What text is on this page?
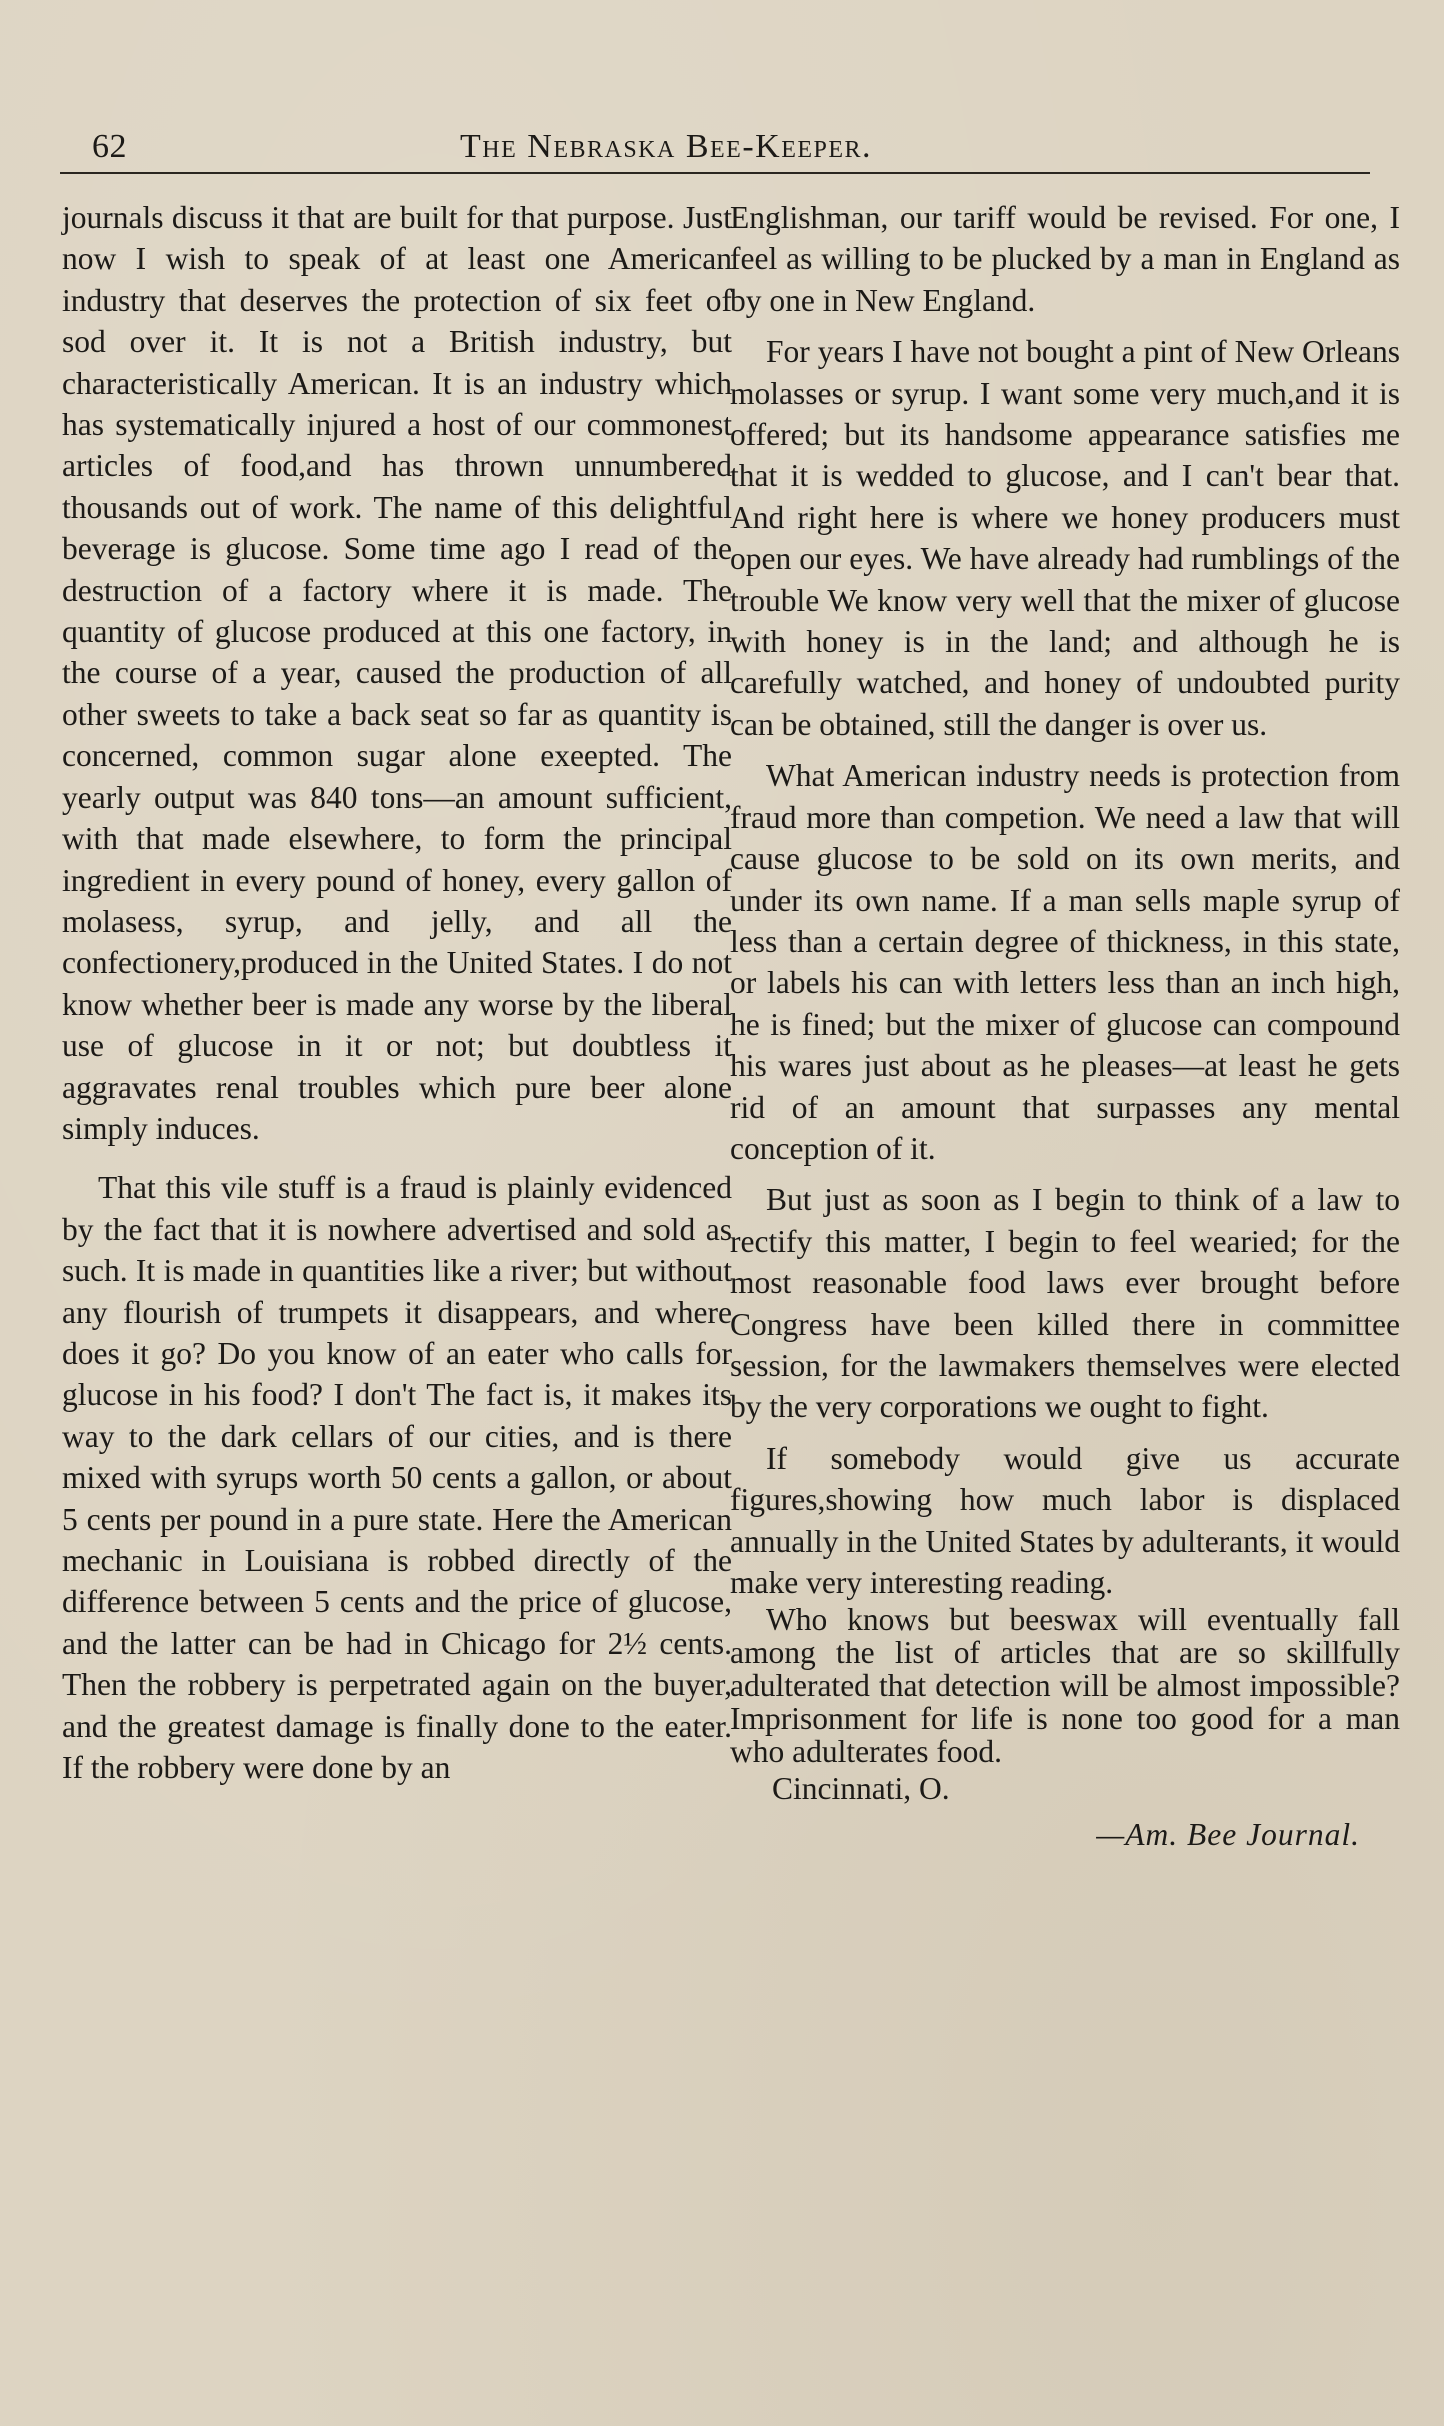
62	The Nebraska Bee-Keeper.

journals discuss it that are built for that purpose. Just now I wish to speak of at least one American industry that deserves the protection of six feet of sod over it. It is not a British industry, but characteristically American. It is an industry which has systematically injured a host of our commonest articles of food,and has thrown unnumbered thousands out of work. The name of this delightful beverage is glucose. Some time ago I read of the destruction of a factory where it is made. The quantity of glucose produced at this one factory, in the course of a year, caused the production of all other sweets to take a back seat so far as quantity is concerned, common sugar alone exeepted. The yearly output was 840 tons—an amount sufficient, with that made elsewhere, to form the principal ingredient in every pound of honey, every gallon of molasess, syrup, and jelly, and all the confectionery,produced in the United States. I do not know whether beer is made any worse by the liberal use of glucose in it or not; but doubtless it aggravates renal troubles which pure beer alone simply induces.

That this vile stuff is a fraud is plainly evidenced by the fact that it is nowhere advertised and sold as such. It is made in quantities like a river; but without any flourish of trumpets it disappears, and where does it go? Do you know of an eater who calls for glucose in his food? I don't The fact is, it makes its way to the dark cellars of our cities, and is there mixed with syrups worth 50 cents a gallon, or about 5 cents per pound in a pure state. Here the American mechanic in Louisiana is robbed directly of the difference between 5 cents and the price of glucose, and the latter can be had in Chicago for 2½ cents. Then the robbery is perpetrated again on the buyer, and the greatest damage is finally done to the eater. If the robbery were done by an

Englishman, our tariff would be revised. For one, I feel as willing to be plucked by a man in England as by one in New England.

For years I have not bought a pint of New Orleans molasses or syrup. I want some very much,and it is offered; but its handsome appearance satisfies me that it is wedded to glucose, and I can't bear that. And right here is where we honey producers must open our eyes. We have already had rumblings of the trouble We know very well that the mixer of glucose with honey is in the land; and although he is carefully watched, and honey of undoubted purity can be obtained, still the danger is over us.

What American industry needs is protection from fraud more than competion. We need a law that will cause glucose to be sold on its own merits, and under its own name. If a man sells maple syrup of less than a certain degree of thickness, in this state, or labels his can with letters less than an inch high, he is fined; but the mixer of glucose can compound his wares just about as he pleases—at least he gets rid of an amount that surpasses any mental conception of it.

But just as soon as I begin to think of a law to rectify this matter, I begin to feel wearied; for the most reasonable food laws ever brought before Congress have been killed there in committee session, for the lawmakers themselves were elected by the very corporations we ought to fight.

If somebody would give us accurate figures,showing how much labor is displaced annually in the United States by adulterants, it would make very interesting reading.

Who knows but beeswax will eventually fall among the list of articles that are so skillfully adulterated that detection will be almost impossible? Imprisonment for life is none too good for a man who adulterates food.

Cincinnati, O.

—Am. Bee Journal.
